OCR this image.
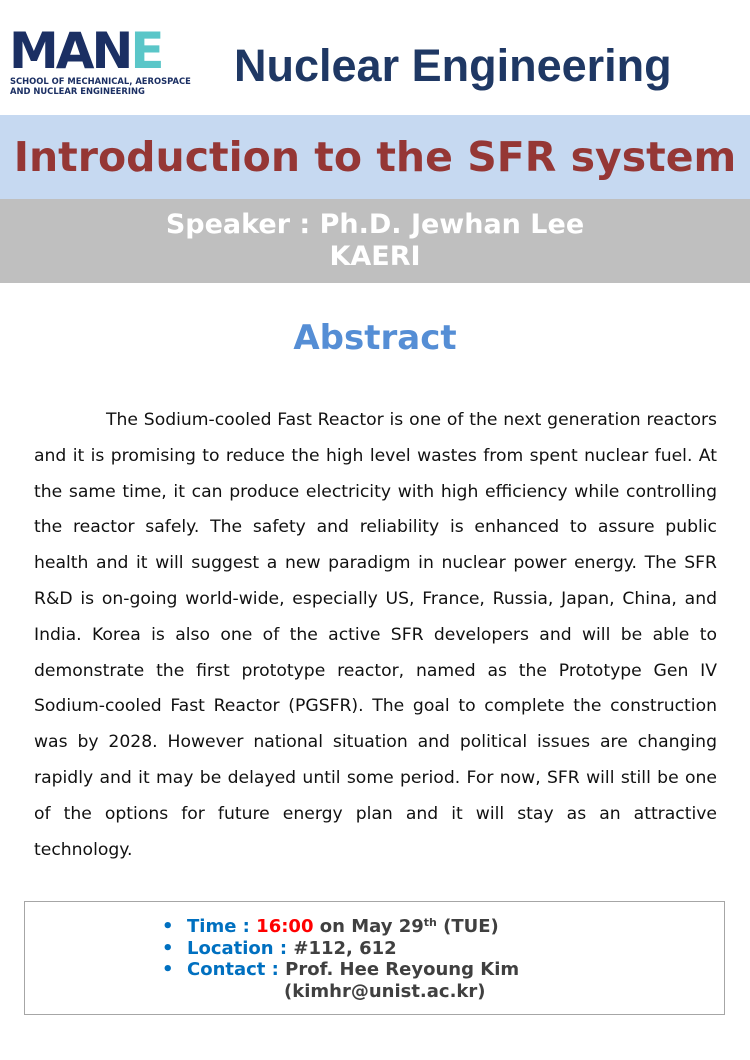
MANE
SCHOOL OF MECHANICAL, AEROSPACE
AND NUCLEAR ENGINEERING	Nuclear Engineering
Introduction to the SFR system
Speaker : Ph.D. Jewhan Lee
KAERI
Abstract

The Sodium-cooled Fast Reactor is one of the next generation reactors and it is promising to reduce the high level wastes from spent nuclear fuel. At the same time, it can produce electricity with high efficiency while controlling the reactor safely. The safety and reliability is enhanced to assure public health and it will suggest a new paradigm in nuclear power energy. The SFR R&D is on-going world-wide, especially US, France, Russia, Japan, China, and India. Korea is also one of the active SFR developers and will be able to demonstrate the first prototype reactor, named as the Prototype Gen IV Sodium-cooled Fast Reactor (PGSFR). The goal to complete the construction was by 2028. However national situation and political issues are changing rapidly and it may be delayed until some period. For now, SFR will still be one of the options for future energy plan and it will stay as an attractive technology.

• Time : 16:00 on May 29th (TUE)
• Location : #112, 612
• Contact : Prof. Hee Reyoung Kim
(kimhr@unist.ac.kr)
